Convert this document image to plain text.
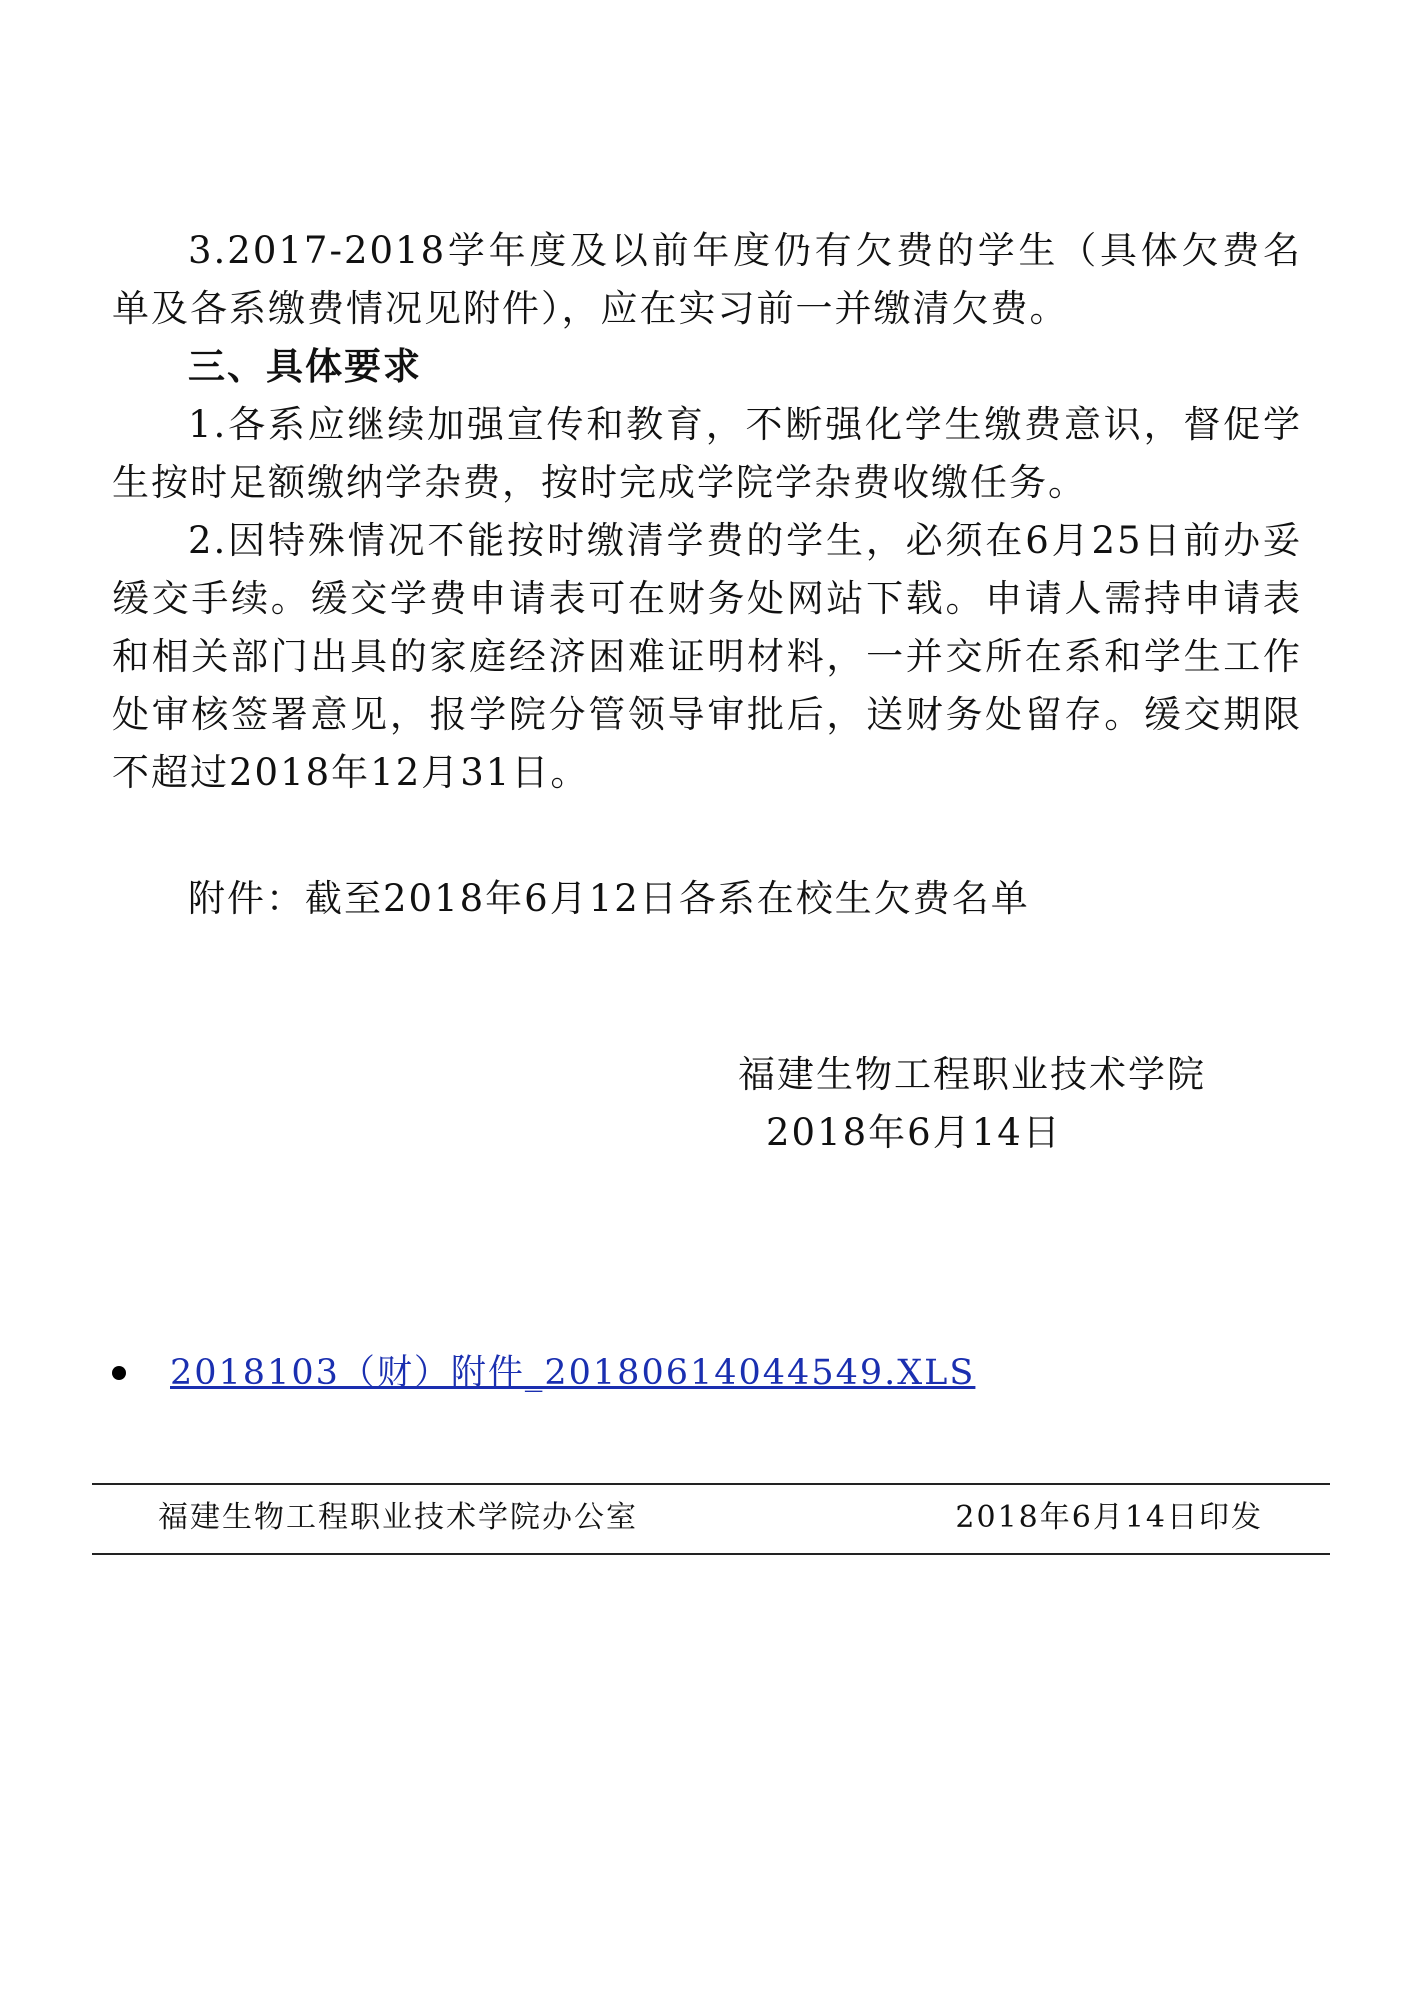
3.2017-2018学年度及以前年度仍有欠费的学生（具体欠费名单及各系缴费情况见附件），应在实习前一并缴清欠费。

三、具体要求

1.各系应继续加强宣传和教育，不断强化学生缴费意识，督促学生按时足额缴纳学杂费，按时完成学院学杂费收缴任务。

2.因特殊情况不能按时缴清学费的学生，必须在6月25日前办妥缓交手续。缓交学费申请表可在财务处网站下载。申请人需持申请表和相关部门出具的家庭经济困难证明材料，一并交所在系和学生工作处审核签署意见，报学院分管领导审批后，送财务处留存。缓交期限不超过2018年12月31日。

附件：截至2018年6月12日各系在校生欠费名单

福建生物工程职业技术学院

2018年6月14日

2018103（财）附件_20180614044549.XLS
福建生物工程职业技术学院办公室	2018年6月14日印发
